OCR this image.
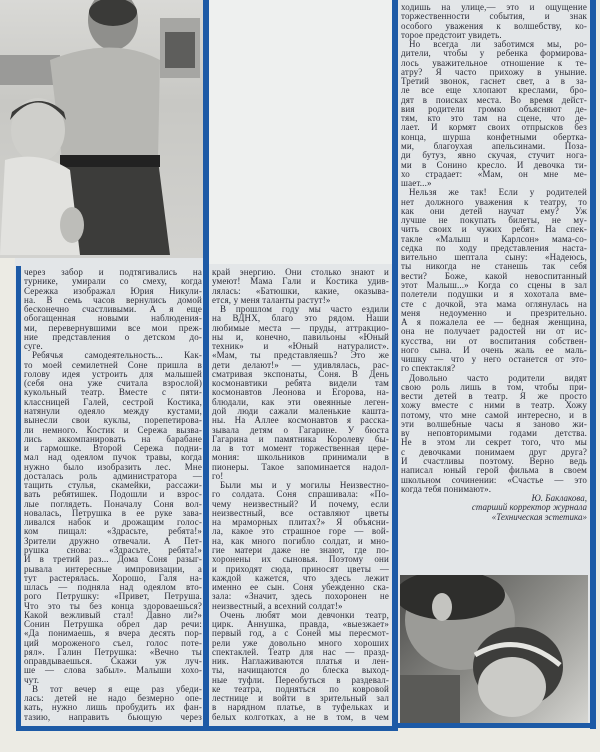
через забор и подтягивались на
турнике, умирали со смеху, когда
Сережка изображал Юрия Никули-
на. В семь часов вернулись домой
бесконечно счастливыми. А я еще
обогащенная новыми наблюдения-
ми, перевернувшими все мои преж-
ние представления о детском до-
суге.
Ребячья самодеятельность... Как-
то моей семилетней Соне пришла в
голову идея устроить для малышей
(себя она уже считала взрослой)
кукольный театр. Вместе с пяти-
классницей Галей, сестрой Костика,
натянули одеяло между кустами,
вынесли свои куклы, порепетирова-
ли немного. Костик и Сережа вызва-
лись аккомпанировать на барабане
и гармошке. Второй Сережа подни-
мал над одеялом пучок травы, когда
нужно было изобразить лес. Мне
досталась роль администратора —
тащить стулья, скамейки, рассажи-
вать ребятишек. Подошли и взрос-
лые поглядеть. Поначалу Соня вол-
новалась, Петрушка в ее руке зава-
ливался набок и дрожащим голос-
ком пищал: «Здрасьте, ребята!»
Зрители дружно отвечали. А Пет-
рушка снова: «Здрасьте, ребята!»
И в третий раз... Дома Соня разыг-
рывала интересные импровизации, а
тут растерялась. Хорошо, Галя на-
шлась — подняла над одеялом вто-
рого Петрушку: «Привет, Петруша.
Что это ты без конца здороваешься?
Какой вежливый стал! Давно ли?»
Сонин Петрушка обрел дар речи:
«Да понимаешь, я вчера десять пор-
ций мороженого съел, голос поте-
рял». Галин Петрушка: «Вечно ты
оправдываешься. Скажи уж луч-
ше — слова забыл». Малыши хохо-
чут.
В тот вечер я еще раз убеди-
лась: детей не надо безмерно опе-
кать, нужно лишь пробудить их фан-
тазию, направить бьющую через
край энергию. Они столько знают и
умеют! Мама Гали и Костика удив-
лялась: «Батюшки, какие, оказыва-
ется, у меня таланты растут!»
В прошлом году мы часто ездили
на ВДНХ, благо это рядом. Наши
любимые места — пруды, аттракцио-
ны и, конечно, павильоны «Юный
техник» и «Юный натуралист».
«Мам, ты представляешь? Это же
дети делают!» — удивлялась, рас-
сматривая экспонаты, Соня. В День
космонавтики ребята видели там
космонавтов Леонова и Егорова, на-
блюдали, как эти овеянные леген-
дой люди сажали маленькие кашта-
ны. На Аллее космонавтов я расска-
зывала детям о Гагарине. У бюста
Гагарина и памятника Королеву бы-
ла в тот момент торжественная цере-
мония: школьников принимали в
пионеры. Такое запоминается надол-
го!
Были мы и у могилы Неизвестно-
го солдата. Соня спрашивала: «По-
чему неизвестный? И почему, если
неизвестный, все оставляют цветы
на мраморных плитах?» Я объясни-
ла, какое это страшное горе — вой-
на, как много погибло солдат, и мно-
гие матери даже не знают, где по-
хоронены их сыновья. Поэтому они
и приходят сюда, приносят цветы —
каждой кажется, что здесь лежит
именно ее сын. Соня убежденно ска-
зала: «Значит, здесь похоронен не
неизвестный, а всехний солдат!»
Очень любят мои девчонки театр,
цирк. Аннушка, правда, «выезжает»
первый год, а с Соней мы пересмот-
рели уже довольно много хороших
спектаклей. Театр для нас — празд-
ник. Наглаживаются платья и лен-
ты, начищаются до блеска выход-
ные туфли. Переобуться в раздевал-
ке театра, подняться по ковровой
лестнице и войти в зрительный зал
в нарядном платье, в туфельках и
белых колготках, а не в том, в чем
ходишь на улице,— это и ощущение
торжественности события, и знак
особого уважения к волшебству, ко-
торое предстоит увидеть.
Но всегда ли заботимся мы, ро-
дители, чтобы у ребенка формирова-
лось уважительное отношение к те-
атру? Я часто прихожу в уныние.
Третий звонок, гаснет свет, а в за-
ле все еще хлопают креслами, бро-
дят в поисках места. Во время дейст-
вия родители громко объясняют де-
тям, кто это там на сцене, что де-
лает. И кормят своих отпрысков без
конца, шурша конфетными обертка-
ми, благоухая апельсинами. Поза-
ди бутуз, явно скучая, стучит нога-
ми в Сонино кресло. И девочка ти-
хо страдает: «Мам, он мне ме-
шает...»
Нельзя же так! Если у родителей
нет должного уважения к театру, то
как они детей научат ему? Уж
лучше не покупать билеты, не му-
чить своих и чужих ребят. На спек-
такле «Малыш и Карлсон» мама-со-
седка по ходу представления наста-
вительно шептала сыну: «Надеюсь,
ты никогда не станешь так себя
вести? Боже, какой невоспитанный
этот Малыш...» Когда со сцены в зал
полетели подушки и я хохотала вме-
сте с дочкой, эта мама оглянулась на
меня недоуменно и презрительно.
А я пожалела ее — бедная женщина,
она не получает радостей ни от ис-
кусства, ни от воспитания собствен-
ного сына. И очень жаль ее маль-
чишку — что у него останется от это-
го спектакля?
Довольно часто родители видят
свою роль лишь в том, чтобы при-
вести детей в театр. Я же просто
хожу вместе с ними в театр. Хожу
потому, что мне самой интересно, и в
эти волшебные часы я заново жи-
ву неповторимыми годами детства.
Не в этом ли секрет того, что мы
с девочками понимаем друг друга?
И счастливы поэтому. Верно ведь
написал юный герой фильма в своем
школьном сочинении: «Счастье — это
когда тебя понимают».
Ю. Баклакова,
старший корректор журнала
«Техническая эстетика»
